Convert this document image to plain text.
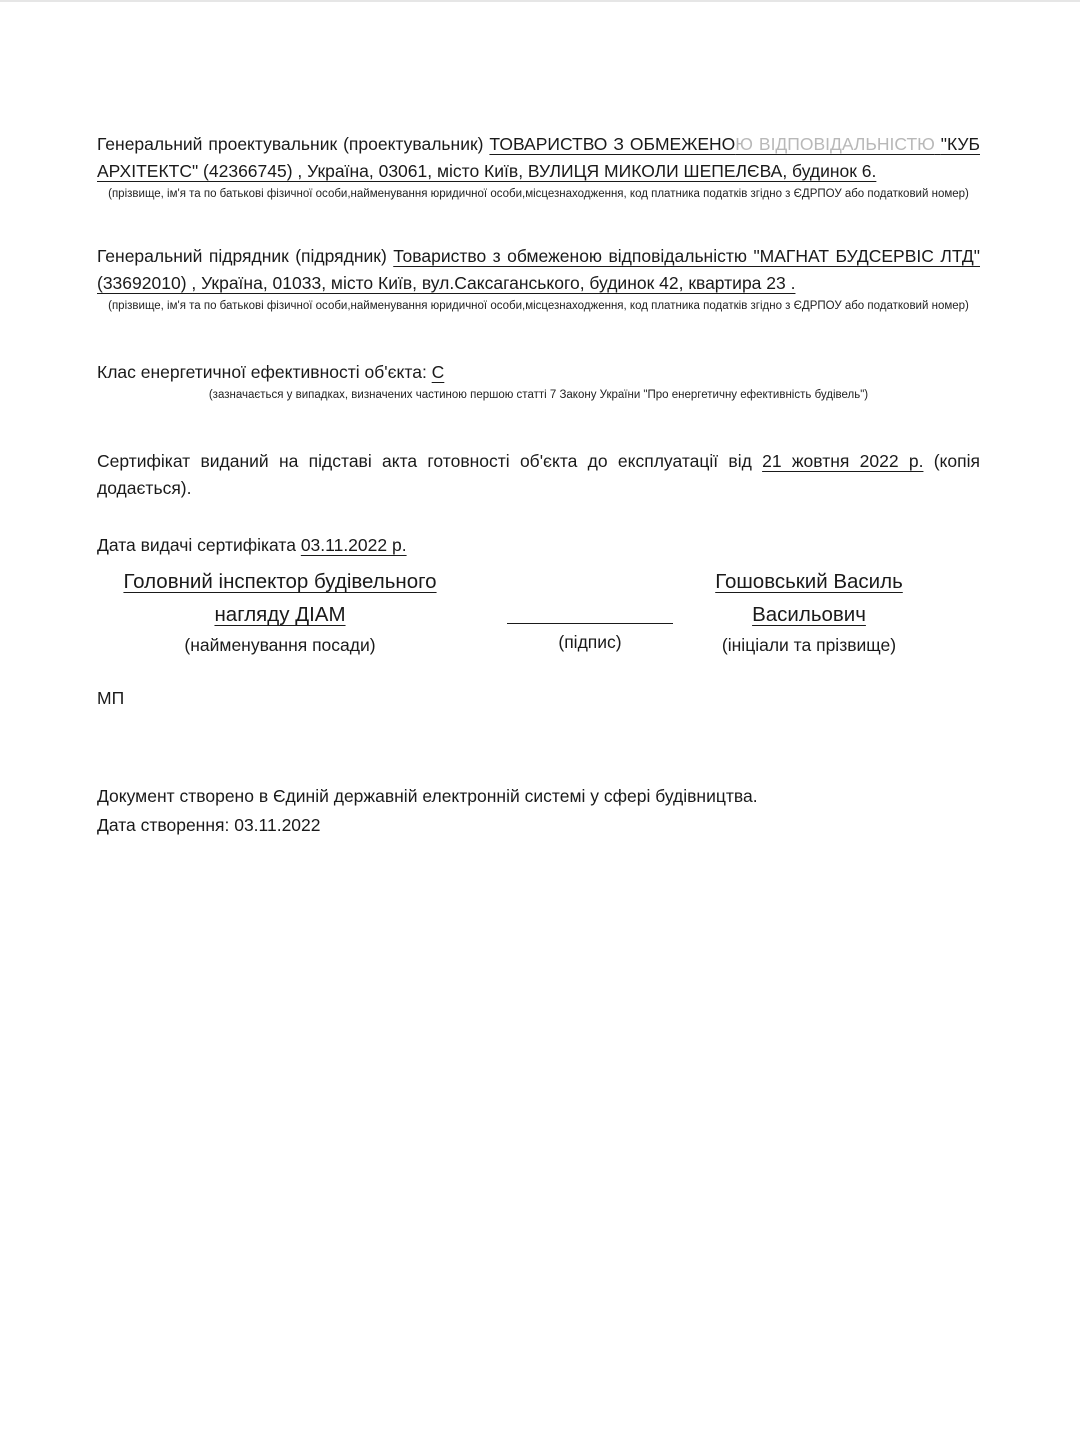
Генеральний проектувальник (проектувальник) ТОВАРИСТВО З ОБМЕЖЕНОЮ ВІДПОВІДАЛЬНІСТЮ "КУБ АРХІТЕКТС" (42366745) , Україна, 03061, місто Київ, ВУЛИЦЯ МИКОЛИ ШЕПЕЛЄВА, будинок 6.

(прізвище, ім'я та по батькові фізичної особи,найменування юридичної особи,місцезнаходження, код платника податків згідно з ЄДРПОУ або податковий номер)

Генеральний підрядник (підрядник) Товариство з обмеженою відповідальністю "МАГНАТ БУДСЕРВІС ЛТД" (33692010) , Україна, 01033, місто Київ, вул.Саксаганського, будинок 42, квартира 23 .

(прізвище, ім'я та по батькові фізичної особи,найменування юридичної особи,місцезнаходження, код платника податків згідно з ЄДРПОУ або податковий номер)

Клас енергетичної ефективності об'єкта: С

(зазначається у випадках, визначених частиною першою статті 7 Закону України "Про енергетичну ефективність будівель")

Сертифікат виданий на підставі акта готовності об'єкта до експлуатації від 21 жовтня 2022 р. (копія додається).

Дата видачі сертифіката 03.11.2022 р.

Головний інспектор будівельного
нагляду ДІАМ
(найменування посади)	(підпис)
Гошовський Василь
Васильович
(ініціали та прізвище)
МП
Документ створено в Єдиній державній електронній системі у сфері будівництва.
Дата створення: 03.11.2022
